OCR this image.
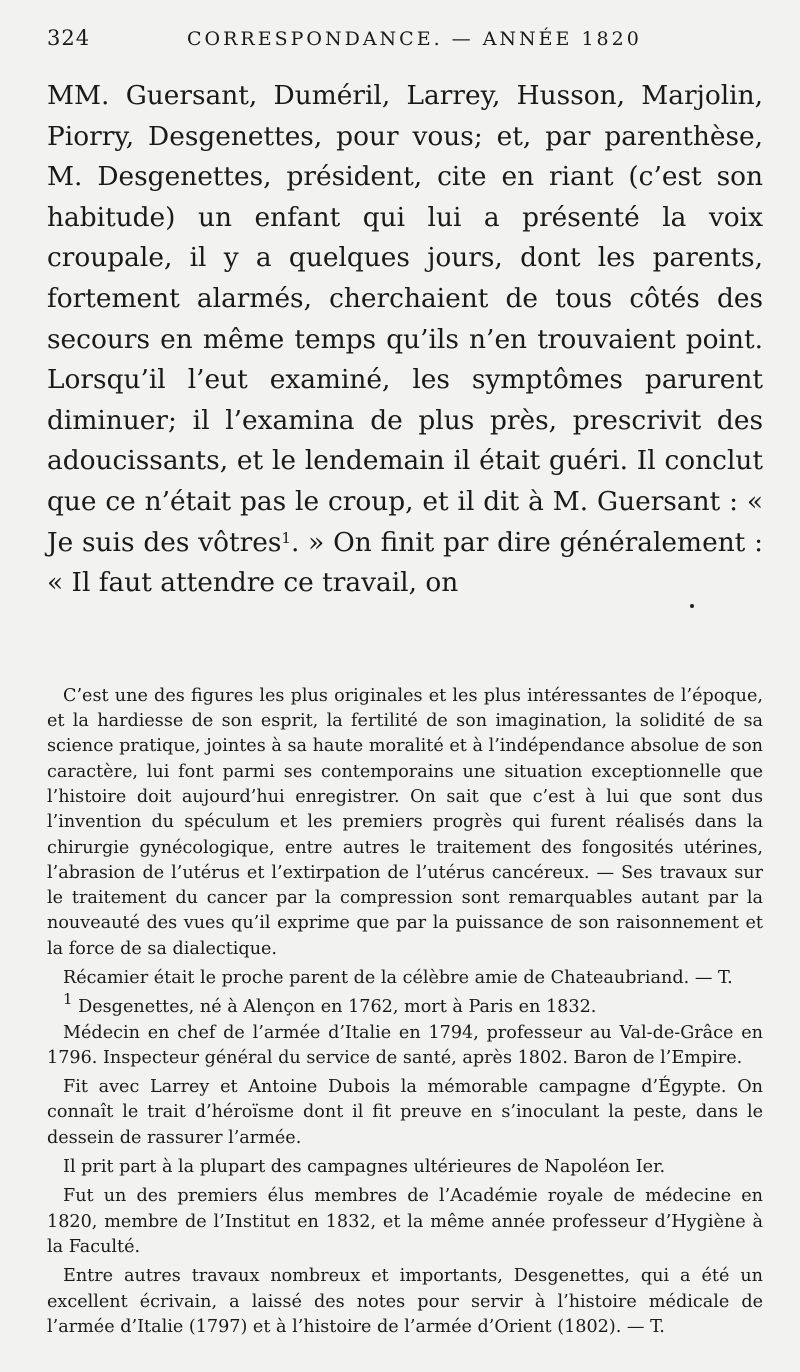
324	CORRESPONDANCE. — ANNÉE 1820

MM. Guersant, Duméril, Larrey, Husson, Marjolin, Piorry, Desgenettes, pour vous; et, par parenthèse, M. Desgenettes, président, cite en riant (c’est son habitude) un enfant qui lui a présenté la voix croupale, il y a quelques jours, dont les parents, fortement alarmés, cherchaient de tous côtés des secours en même temps qu’ils n’en trouvaient point. Lorsqu’il l’eut examiné, les symptômes parurent diminuer; il l’examina de plus près, prescrivit des adoucissants, et le lendemain il était guéri. Il conclut que ce n’était pas le croup, et il dit à M. Guersant : « Je suis des vôtres$^1$. » On finit par dire généralement : « Il faut attendre ce travail, on

C’est une des figures les plus originales et les plus intéressantes de l’époque, et la hardiesse de son esprit, la fertilité de son imagination, la solidité de sa science pratique, jointes à sa haute moralité et à l’indépendance absolue de son caractère, lui font parmi ses contemporains une situation exceptionnelle que l’histoire doit aujourd’hui enregistrer. On sait que c’est à lui que sont dus l’invention du spéculum et les premiers progrès qui furent réalisés dans la chirurgie gynécologique, entre autres le traitement des fongosités utérines, l’abrasion de l’utérus et l’extirpation de l’utérus cancéreux. — Ses travaux sur le traitement du cancer par la compression sont remarquables autant par la nouveauté des vues qu’il exprime que par la puissance de son raisonnement et la force de sa dialectique.

Récamier était le proche parent de la célèbre amie de Chateaubriand. — T.

1 Desgenettes, né à Alençon en 1762, mort à Paris en 1832.

Médecin en chef de l’armée d’Italie en 1794, professeur au Val-de-Grâce en 1796. Inspecteur général du service de santé, après 1802. Baron de l’Empire.

Fit avec Larrey et Antoine Dubois la mémorable campagne d’Égypte. On connaît le trait d’héroïsme dont il fit preuve en s’inoculant la peste, dans le dessein de rassurer l’armée.

Il prit part à la plupart des campagnes ultérieures de Napoléon Ier.

Fut un des premiers élus membres de l’Académie royale de médecine en 1820, membre de l’Institut en 1832, et la même année professeur d’Hygiène à la Faculté.

Entre autres travaux nombreux et importants, Desgenettes, qui a été un excellent écrivain, a laissé des notes pour servir à l’histoire médicale de l’armée d’Italie (1797) et à l’histoire de l’armée d’Orient (1802). — T.
